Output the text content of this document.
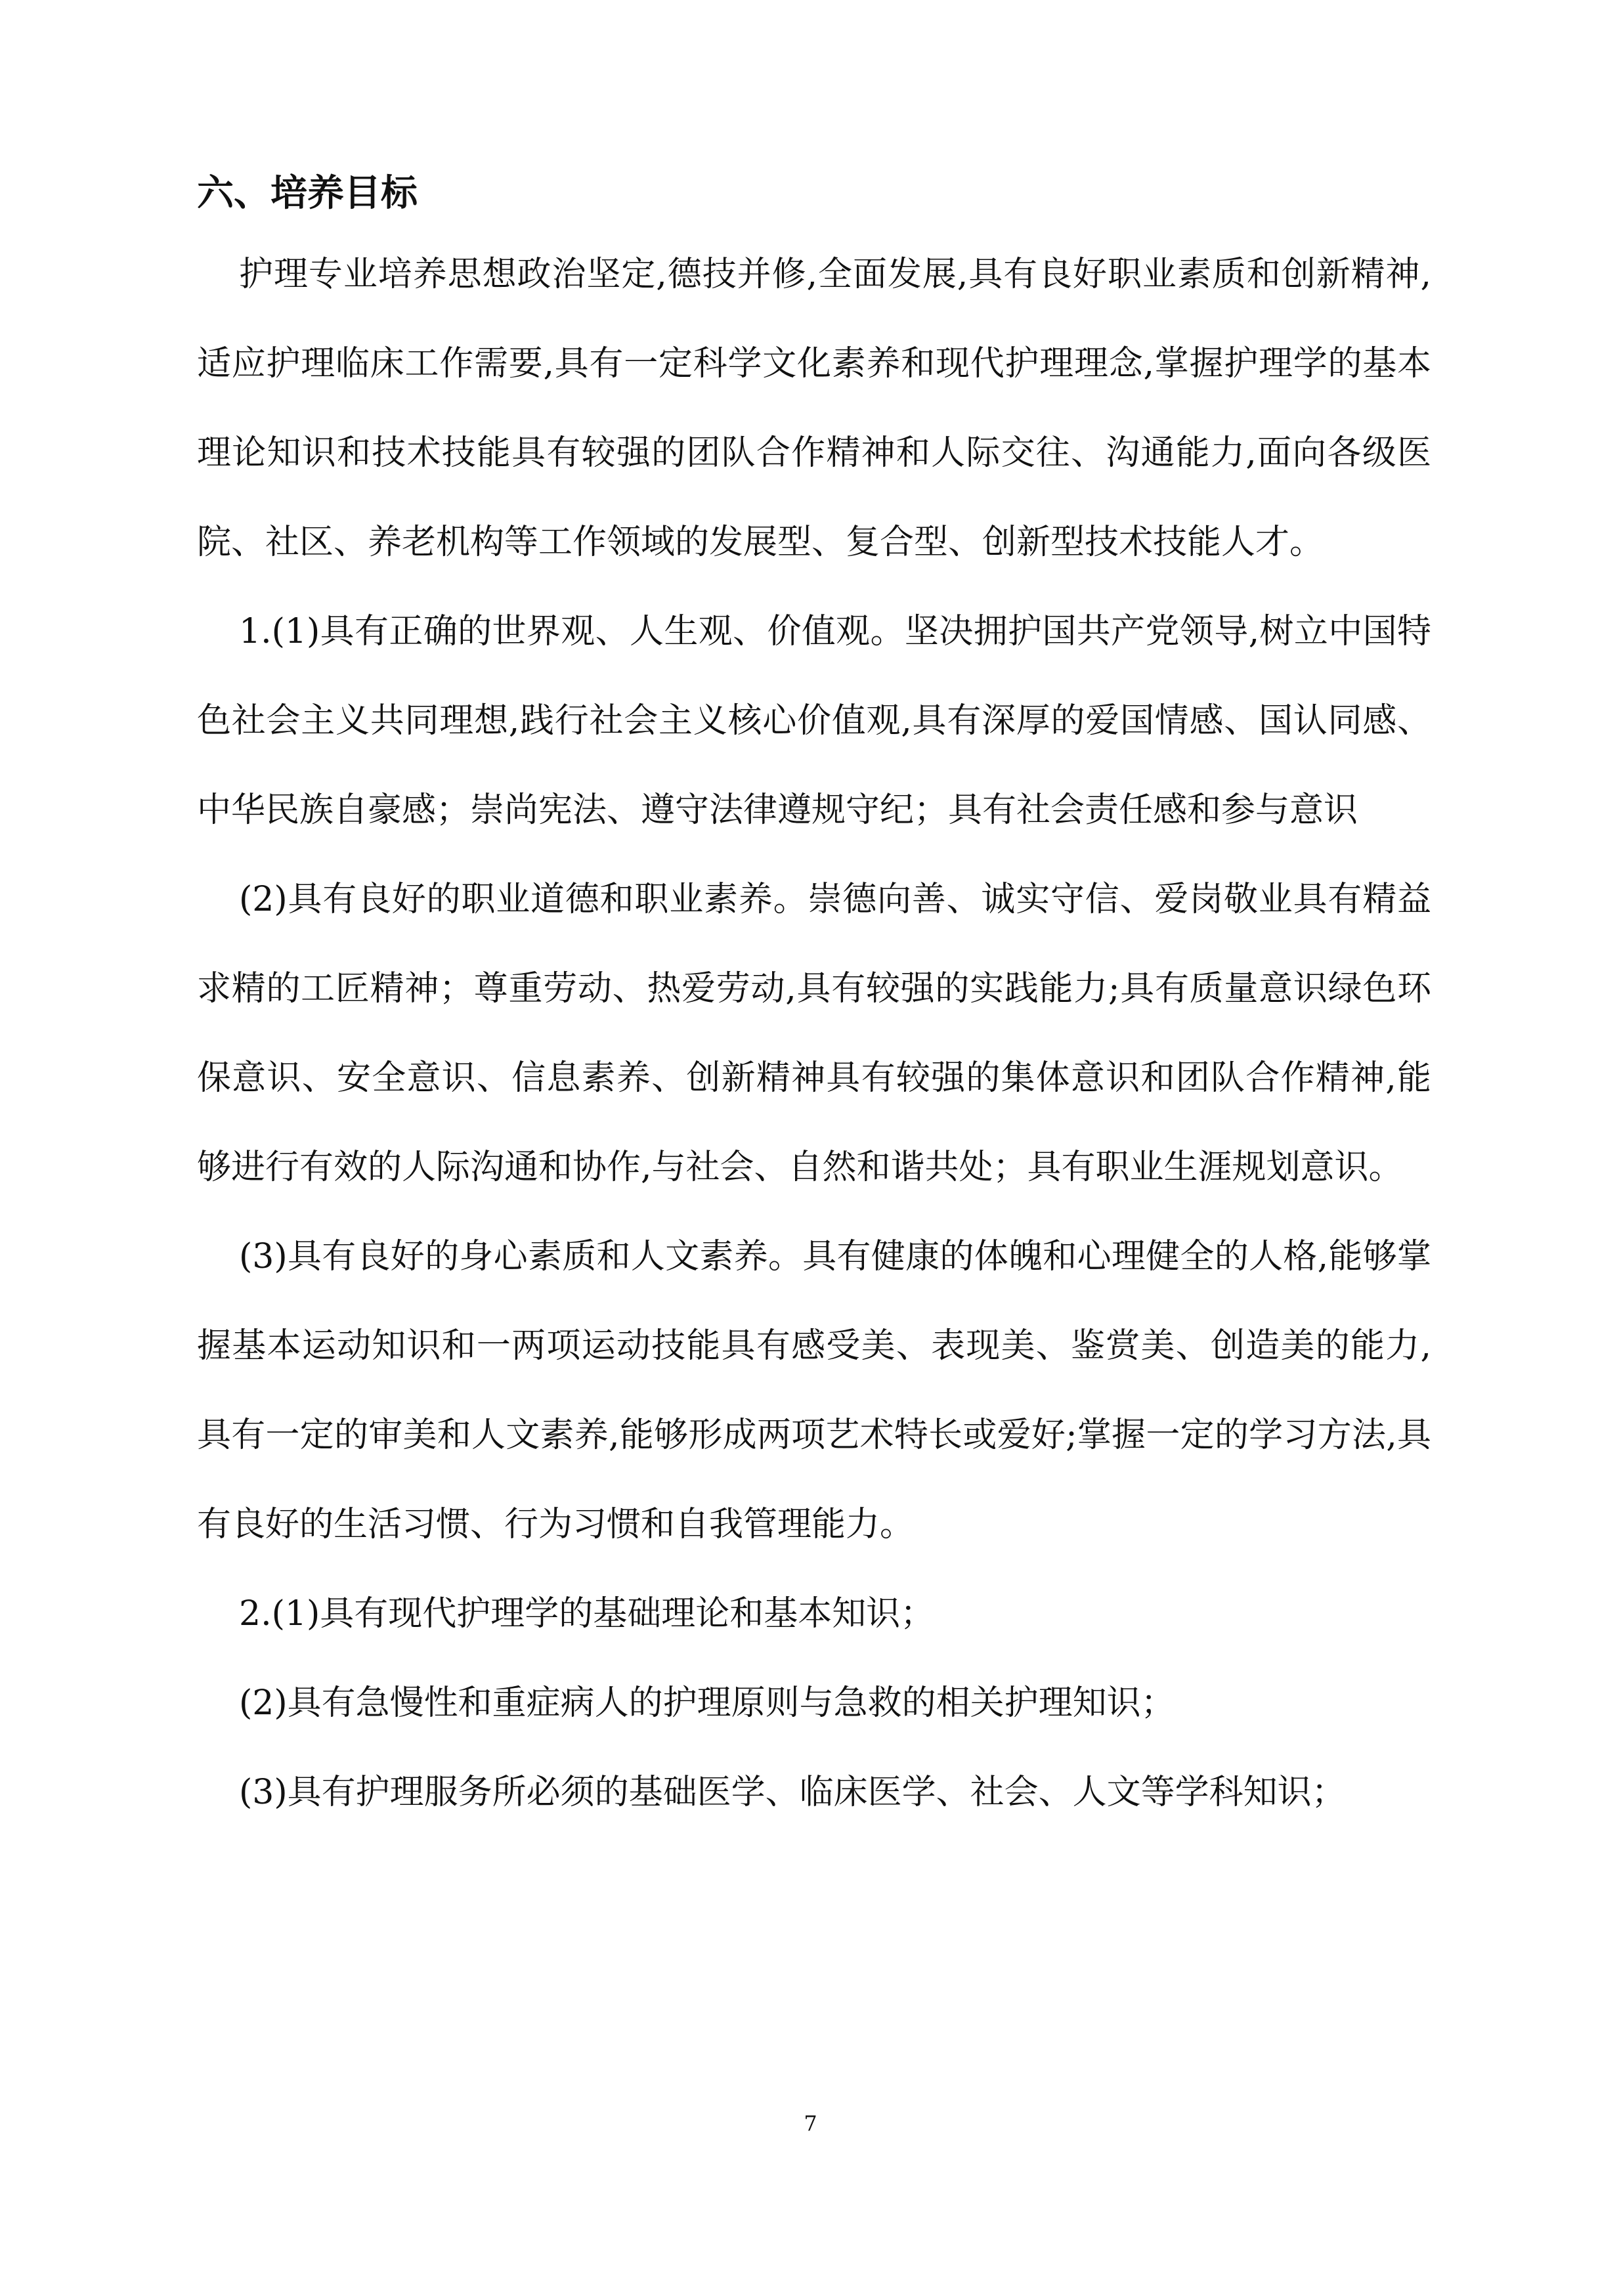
六、培养目标

护理专业培养思想政治坚定,德技并修,全面发展,具有良好职业素质和创新精神,适应护理临床工作需要,具有一定科学文化素养和现代护理理念,掌握护理学的基本理论知识和技术技能具有较强的团队合作精神和人际交往、沟通能力,面向各级医院、社区、养老机构等工作领域的发展型、复合型、创新型技术技能人才。

1.(1)具有正确的世界观、人生观、价值观。坚决拥护国共产党领导,树立中国特色社会主义共同理想,践行社会主义核心价值观,具有深厚的爱国情感、国认同感、中华民族自豪感；崇尚宪法、遵守法律遵规守纪；具有社会责任感和参与意识

(2)具有良好的职业道德和职业素养。崇德向善、诚实守信、爱岗敬业具有精益求精的工匠精神；尊重劳动、热爱劳动,具有较强的实践能力;具有质量意识绿色环保意识、安全意识、信息素养、创新精神具有较强的集体意识和团队合作精神,能够进行有效的人际沟通和协作,与社会、自然和谐共处；具有职业生涯规划意识。

(3)具有良好的身心素质和人文素养。具有健康的体魄和心理健全的人格,能够掌握基本运动知识和一两项运动技能具有感受美、表现美、鉴赏美、创造美的能力,具有一定的审美和人文素养,能够形成两项艺术特长或爱好;掌握一定的学习方法,具有良好的生活习惯、行为习惯和自我管理能力。

2.(1)具有现代护理学的基础理论和基本知识；

(2)具有急慢性和重症病人的护理原则与急救的相关护理知识；

(3)具有护理服务所必须的基础医学、临床医学、社会、人文等学科知识；

7
